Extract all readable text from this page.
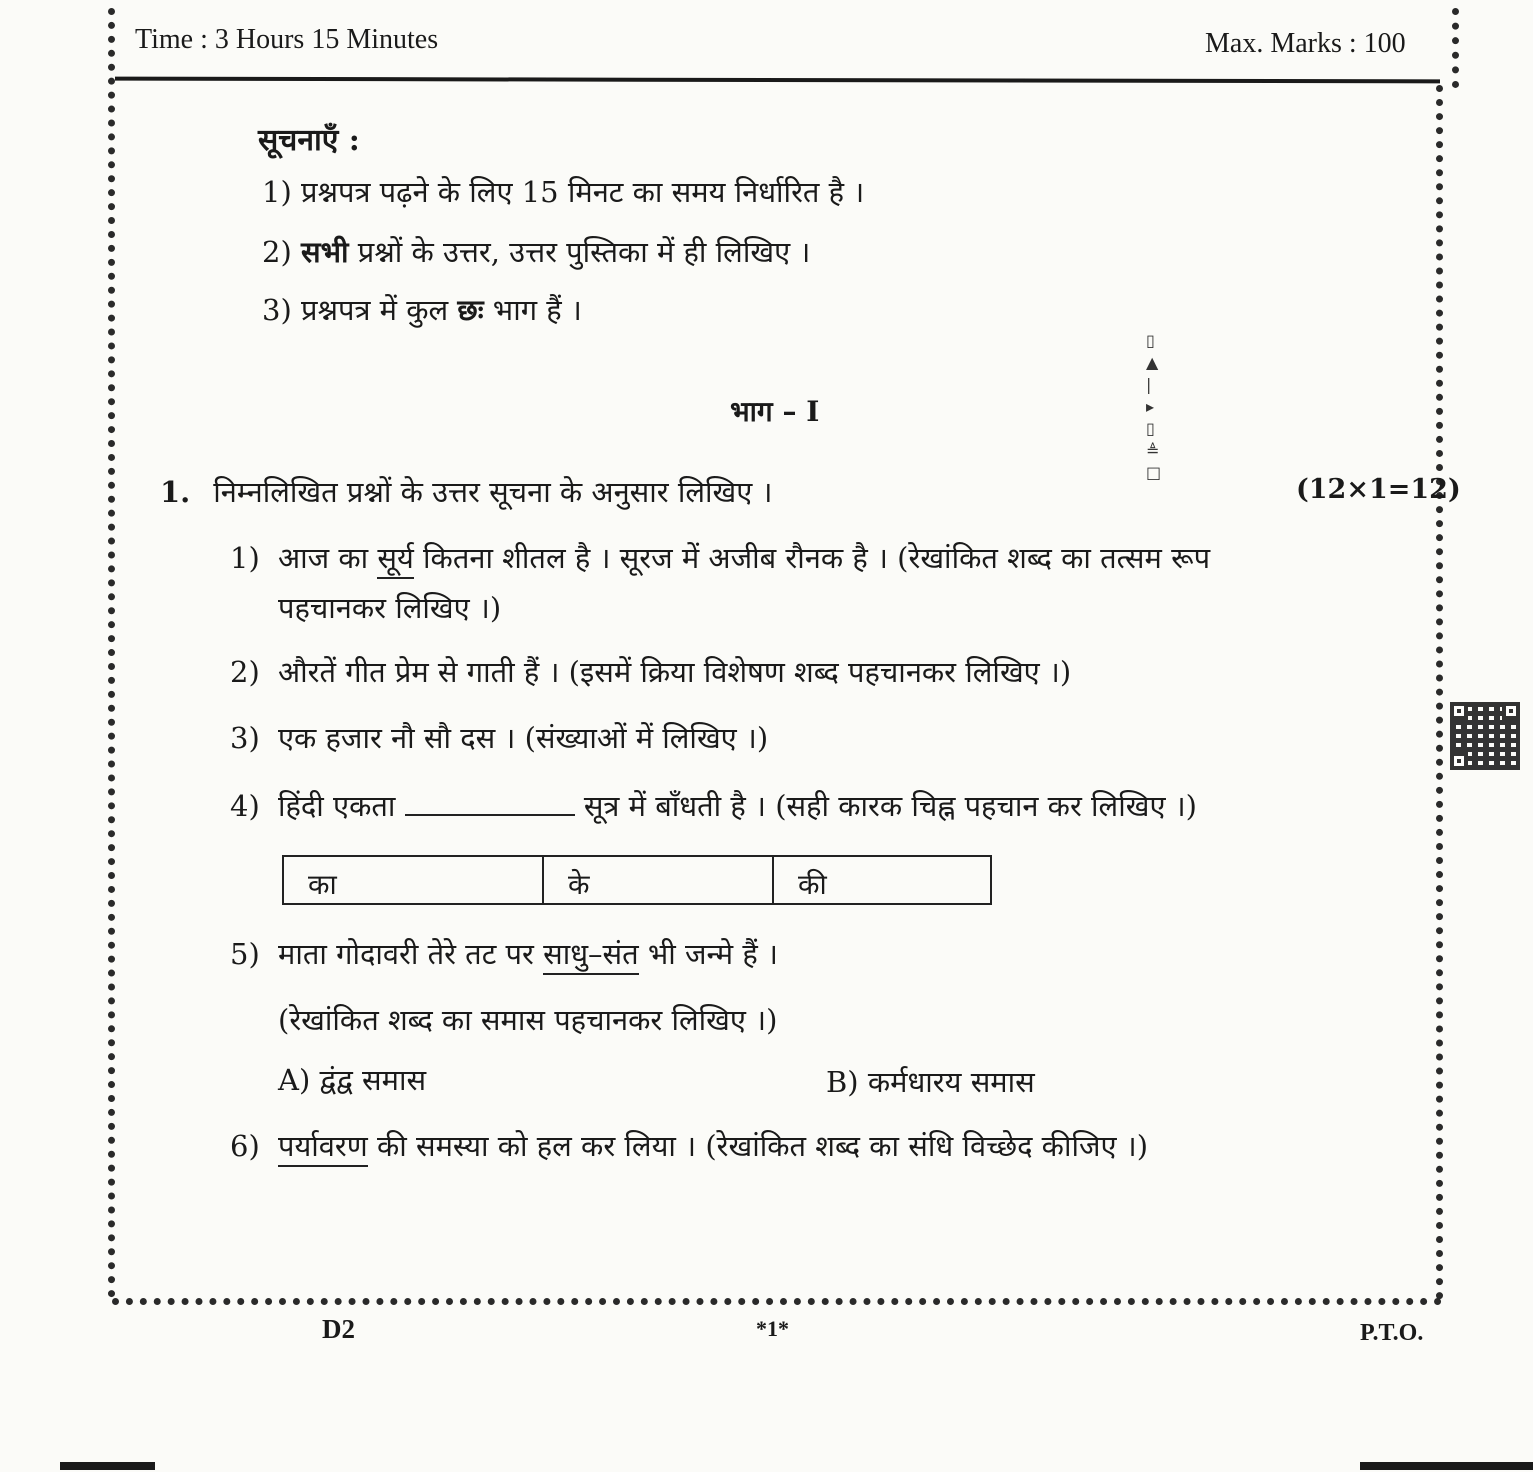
Time : 3 Hours 15 Minutes	Max. Marks : 100
सूचनाएँ :
1) प्रश्नपत्र पढ़ने के लिए 15 मिनट का समय निर्धारित है ।
2) सभी प्रश्नों के उत्तर, उत्तर पुस्तिका में ही लिखिए ।
3) प्रश्नपत्र में कुल छः भाग हैं ।
▯
▲
|
▸
▯
≜
□
भाग – I
1. निम्नलिखित प्रश्नों के उत्तर सूचना के अनुसार लिखिए ।	(12×1=12)
1) आज का सूर्य कितना शीतल है । सूरज में अजीब रौनक है । (रेखांकित शब्द का तत्सम रूप
पहचानकर लिखिए ।)
2) औरतें गीत प्रेम से गाती हैं । (इसमें क्रिया विशेषण शब्द पहचानकर लिखिए ।)
3) एक हजार नौ सौ दस । (संख्याओं में लिखिए ।)
4) हिंदी एकता	सूत्र में बाँधती है । (सही कारक चिह्न पहचान कर लिखिए ।)
का	के	की
5) माता गोदावरी तेरे तट पर साधु–संत भी जन्मे हैं ।
(रेखांकित शब्द का समास पहचानकर लिखिए ।)
A) द्वंद्व समास	B) कर्मधारय समास
6) पर्यावरण की समस्या को हल कर लिया । (रेखांकित शब्द का संधि विच्छेद कीजिए ।)
D2	*1*	P.T.O.
